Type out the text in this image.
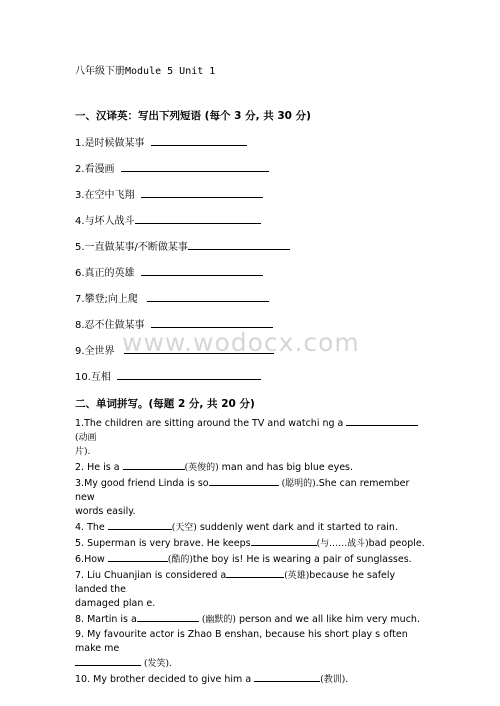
八年级下册Module 5 Unit 1
一、汉译英：写出下列短语 (每个 3 分, 共 30 分)
1.是时候做某事
2.看漫画
3.在空中飞翔
4.与坏人战斗
5.一直做某事/不断做某事
6.真正的英雄
7.攀登;向上爬
8.忍不住做某事
9.全世界
10.互相
www.wodocx.com
二、单词拼写。(每题 2 分, 共 20 分)

1.The children are sitting around the TV and watchi ng a (动画
片).

2. He is a	(英俊的) man and has big blue eyes.

3.My good friend Linda is so	(聪明的).She can remember new
words easily.

4. The	(天空) suddenly went dark and it started to rain.

5. Superman is very brave. He keeps	(与……战斗)bad people.

6.How	(酷的)the boy is! He is wearing a pair of sunglasses.

7. Liu Chuanjian is considered a	(英雄)because he safely landed the
damaged plan e.

8. Martin is a	(幽默的) person and we all like him very much.

9. My favourite actor is Zhao B enshan, because his short play s often make me
(发笑).

10. My brother decided to give him a	(教训).
